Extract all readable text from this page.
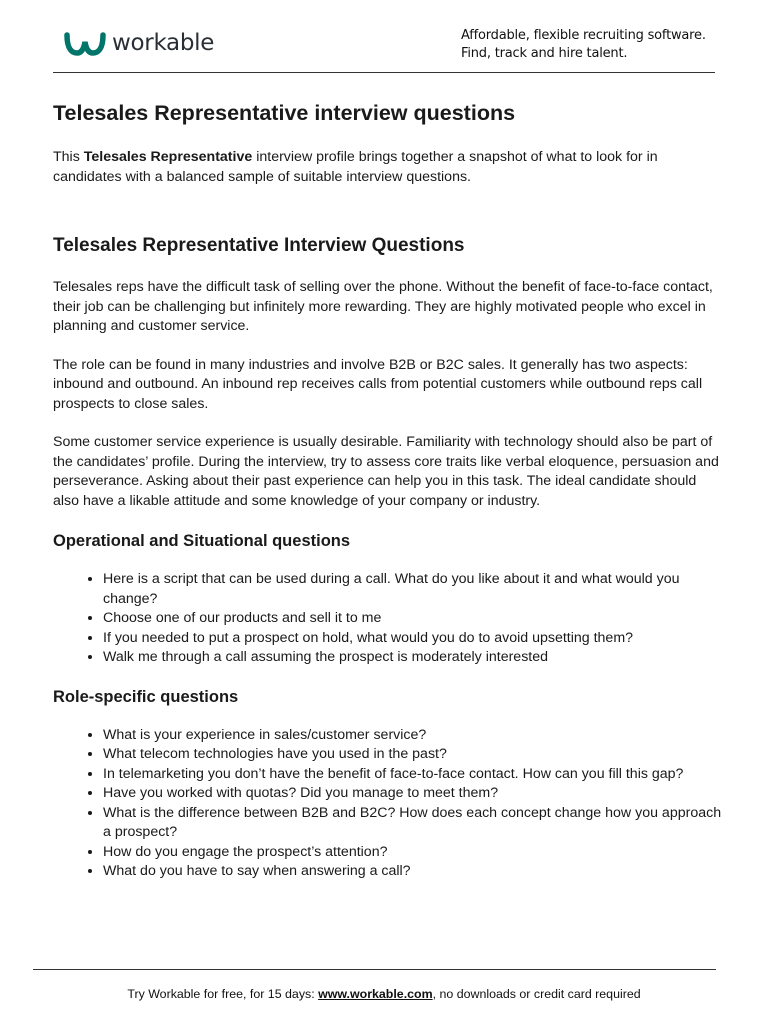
workable	Affordable, flexible recruiting software.
Find, track and hire talent.
Telesales Representative interview questions

This Telesales Representative interview profile brings together a snapshot of what to look for in candidates with a balanced sample of suitable interview questions.

Telesales Representative Interview Questions

Telesales reps have the difficult task of selling over the phone. Without the benefit of face-to-face contact, their job can be challenging but infinitely more rewarding. They are highly motivated people who excel in planning and customer service.

The role can be found in many industries and involve B2B or B2C sales. It generally has two aspects: inbound and outbound. An inbound rep receives calls from potential customers while outbound reps call prospects to close sales.

Some customer service experience is usually desirable. Familiarity with technology should also be part of the candidates’ profile. During the interview, try to assess core traits like verbal eloquence, persuasion and perseverance. Asking about their past experience can help you in this task. The ideal candidate should also have a likable attitude and some knowledge of your company or industry.

Operational and Situational questions
• Here is a script that can be used during a call. What do you like about it and what would you change?
• Choose one of our products and sell it to me
• If you needed to put a prospect on hold, what would you do to avoid upsetting them?
• Walk me through a call assuming the prospect is moderately interested
Role-specific questions
• What is your experience in sales/customer service?
• What telecom technologies have you used in the past?
• In telemarketing you don’t have the benefit of face-to-face contact. How can you fill this gap?
• Have you worked with quotas? Did you manage to meet them?
• What is the difference between B2B and B2C? How does each concept change how you approach a prospect?
• How do you engage the prospect’s attention?
• What do you have to say when answering a call?
Try Workable for free, for 15 days: www.workable.com, no downloads or credit card required
